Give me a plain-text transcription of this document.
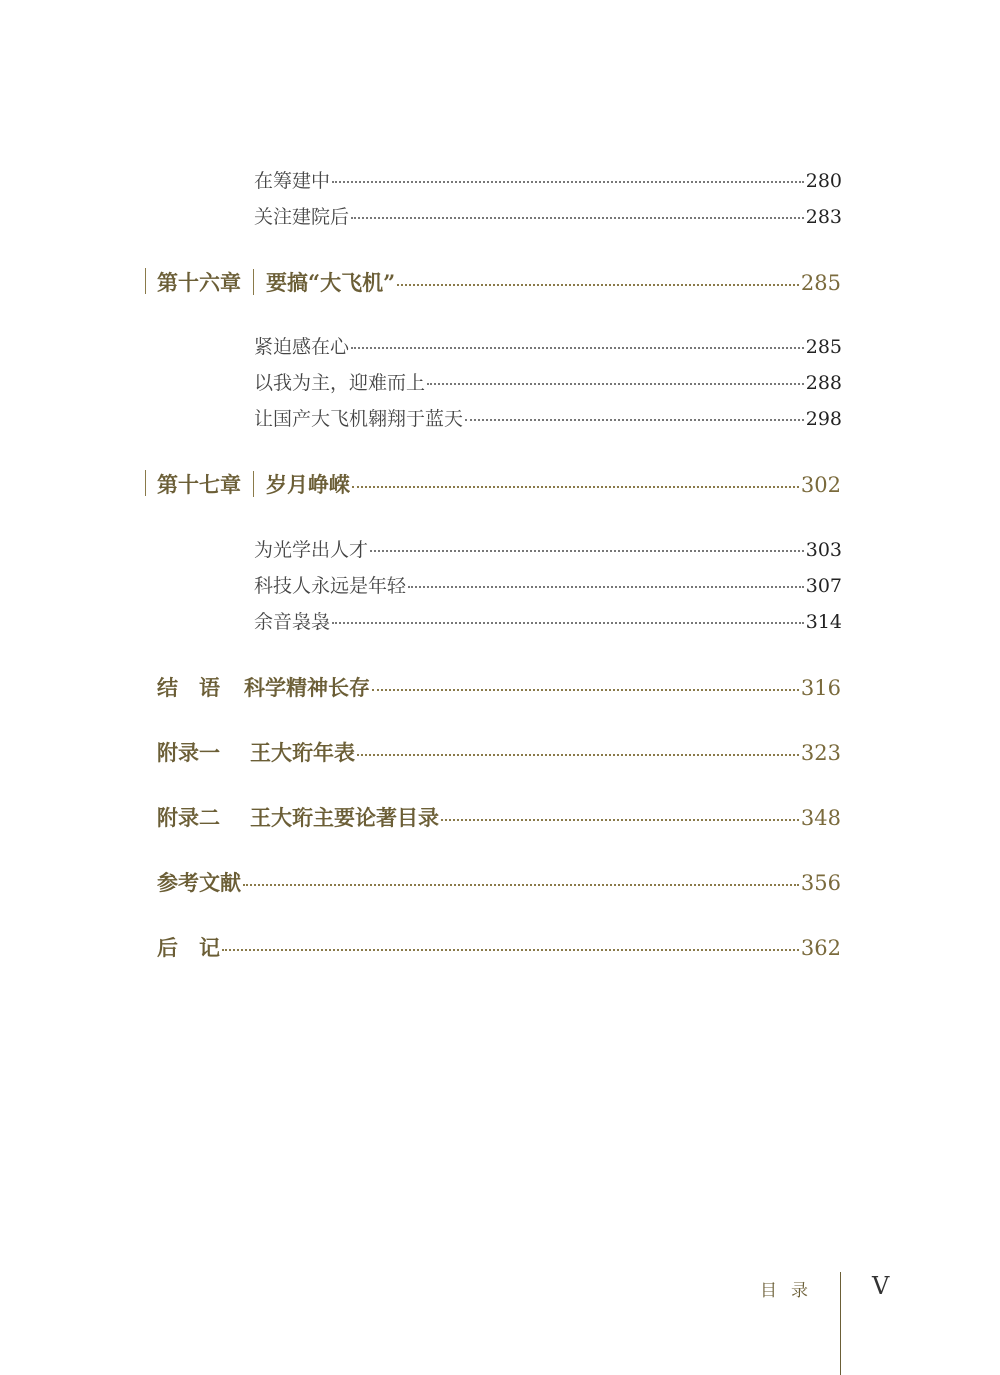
在筹建中	280
关注建院后	283
第十六章 要搞“大飞机”	285
紧迫感在心	285
以我为主，迎难而上	288
让国产大飞机翱翔于蓝天	298
第十七章 岁月峥嵘	302
为光学出人才	303
科技人永远是年轻	307
余音袅袅	314
结　语 科学精神长存	316
附录一 王大珩年表	323
附录二 王大珩主要论著目录	348
参考文献	356
后　记	362
目录 V
